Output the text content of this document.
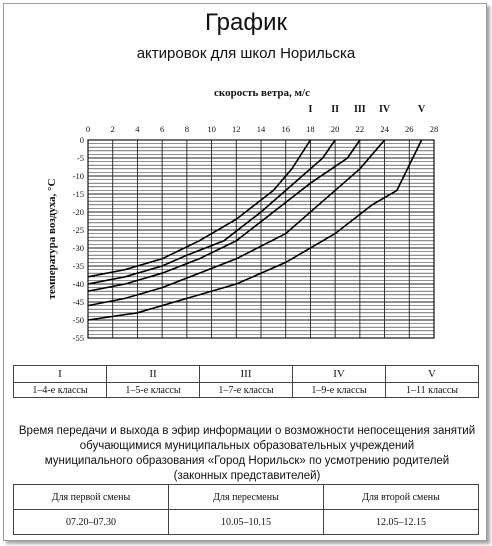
График
актировок для школ Норильска
0 2 4 6 8 10 12 14 16 18 20 22 24 26 28
0
-5
-10
-15
-20
-25
-30
-35
-40
-45
-50
-55
скорость ветра, м/с
температура воздуха, °С
I II III IV	V
I	II	III	IV	V
1–4-е классы	1–5-е классы	1–7-е классы	1–9-е классы	1–11 классы
Время передачи и выхода в эфир информации о возможности непосещения занятий
обучающимися муниципальных образовательных учреждений
муниципального образования «Город Норильск» по усмотрению родителей
(законных представителей)
Для первой смены	Для пересмены	Для второй смены
07.20–07.30	10.05–10.15	12.05–12.15
